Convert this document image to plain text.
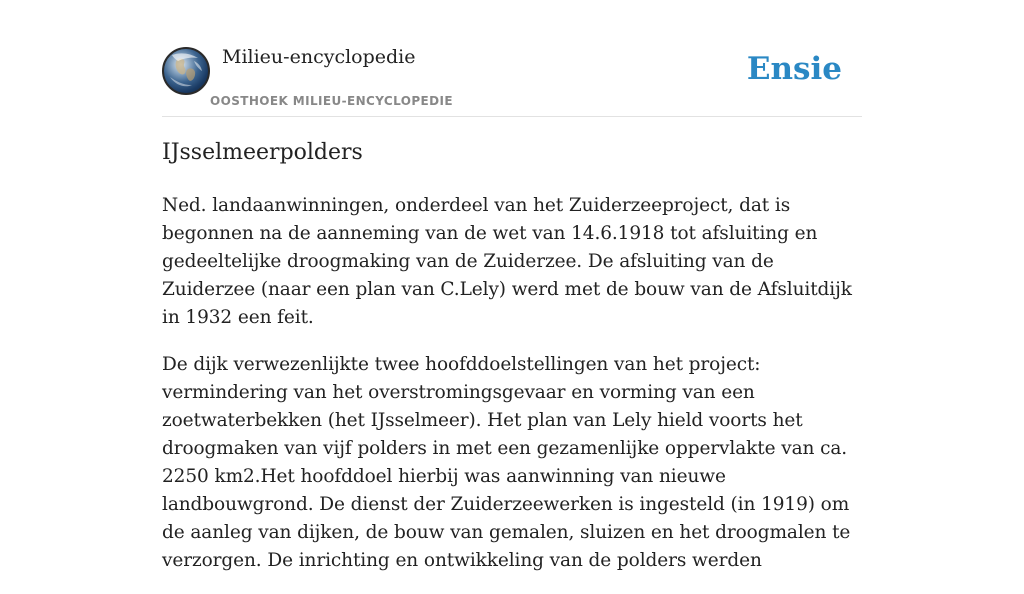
Milieu-encyclopedie
OOSTHOEK MILIEU-ENCYCLOPEDIE
Ensie
IJsselmeerpolders

Ned. landaanwinningen, onderdeel van het Zuiderzeeproject, dat is begonnen na de aanneming van de wet van 14.6.1918 tot afsluiting en gedeeltelijke droogmaking van de Zuiderzee. De afsluiting van de Zuiderzee (naar een plan van C.Lely) werd met de bouw van de Afsluitdijk in 1932 een feit.

De dijk verwezenlijkte twee hoofddoelstellingen van het project: vermindering van het overstromingsgevaar en vorming van een zoetwaterbekken (het IJsselmeer). Het plan van Lely hield voorts het droogmaken van vijf polders in met een gezamenlijke oppervlakte van ca. 2250 km2.Het hoofddoel hierbij was aanwinning van nieuwe landbouwgrond. De dienst der Zuiderzeewerken is ingesteld (in 1919) om de aanleg van dijken, de bouw van gemalen, sluizen en het droogmalen te verzorgen. De inrichting en ontwikkeling van de polders werden
